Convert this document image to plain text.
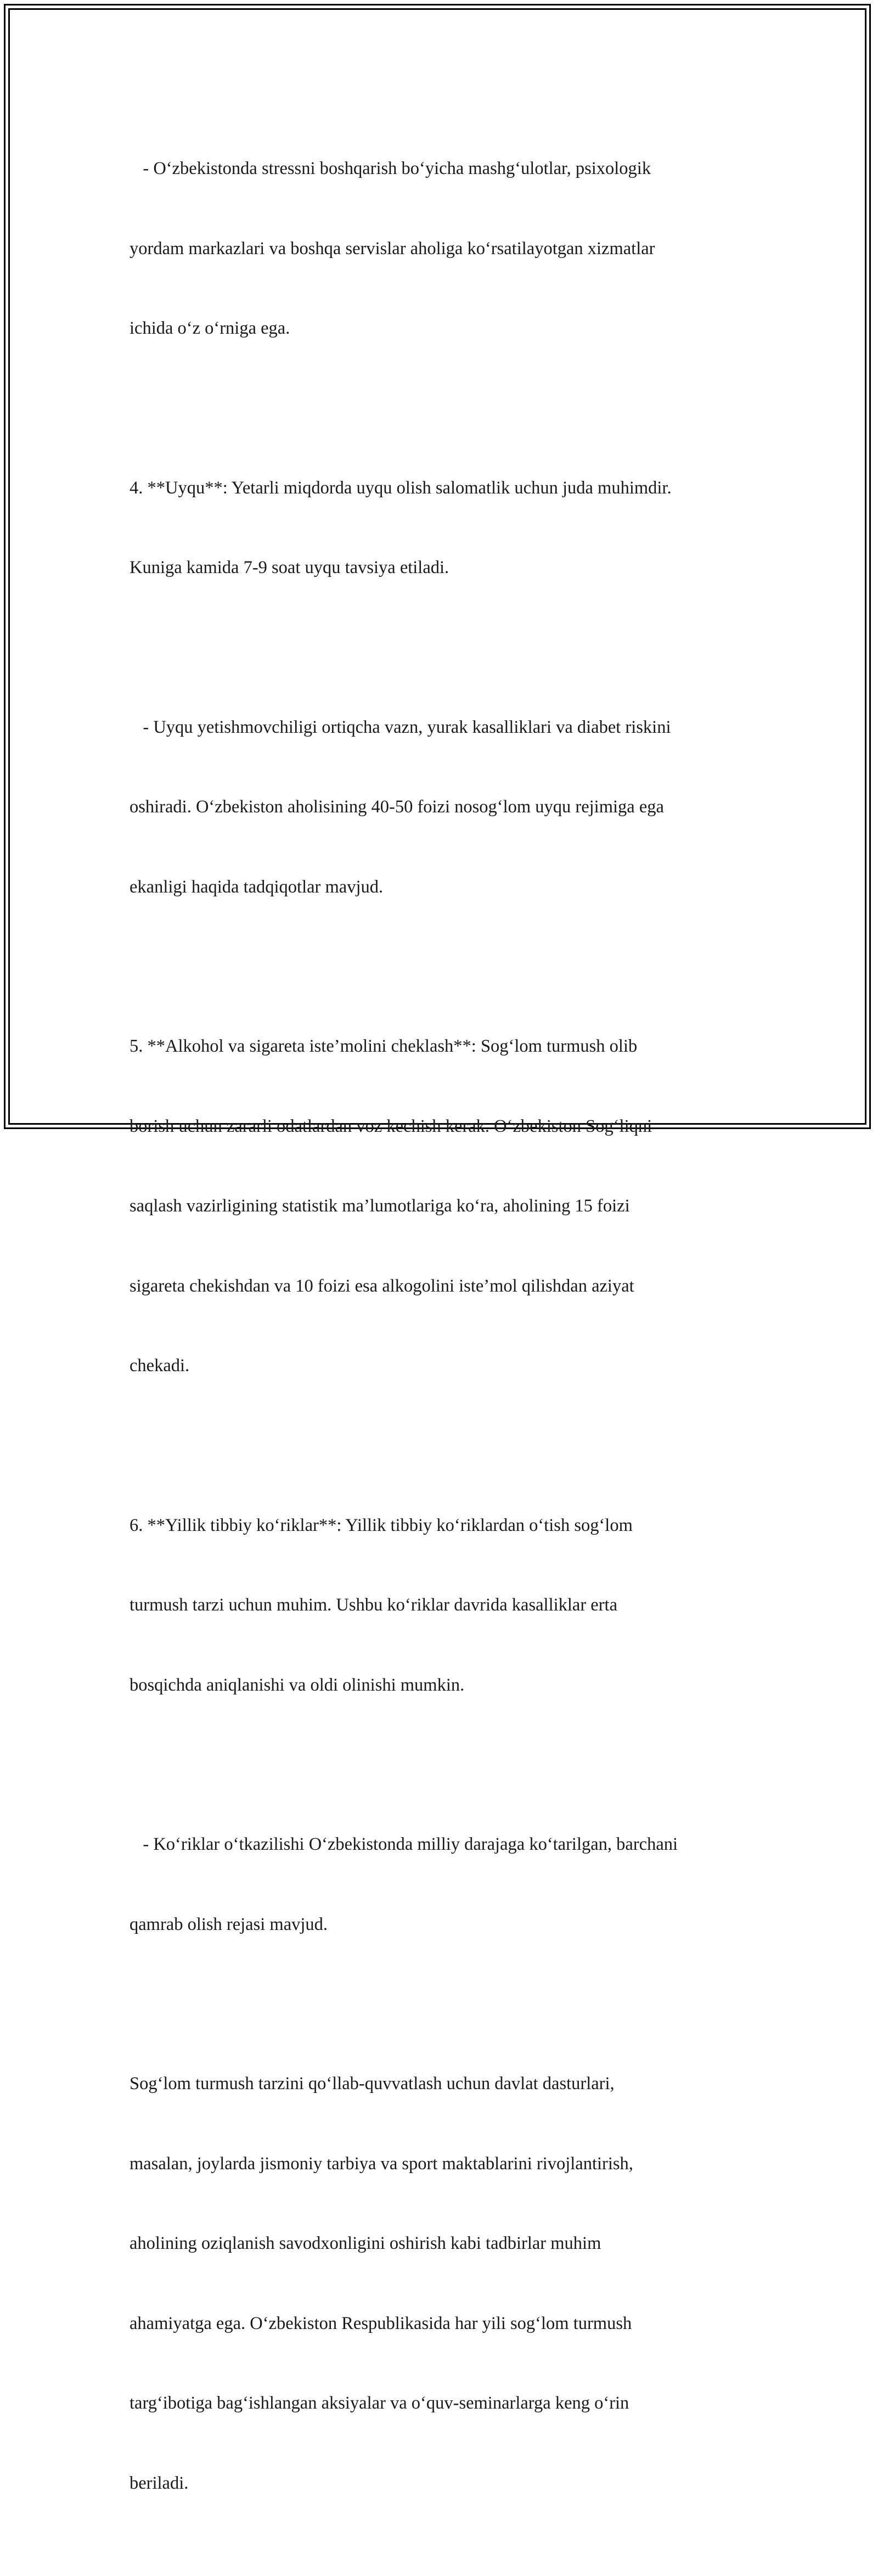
- O‘zbekistonda stressni boshqarish bo‘yicha mashg‘ulotlar, psixologik

yordam markazlari va boshqa servislar aholiga ko‘rsatilayotgan xizmatlar

ichida o‘z o‘rniga ega.

4. **Uyqu**: Yetarli miqdorda uyqu olish salomatlik uchun juda muhimdir.

Kuniga kamida 7-9 soat uyqu tavsiya etiladi.

- Uyqu yetishmovchiligi ortiqcha vazn, yurak kasalliklari va diabet riskini

oshiradi. O‘zbekiston aholisining 40-50 foizi nosog‘lom uyqu rejimiga ega

ekanligi haqida tadqiqotlar mavjud.

5. **Alkohol va sigareta iste’molini cheklash**: Sog‘lom turmush olib

borish uchun zararli odatlardan voz kechish kerak. O‘zbekiston Sog‘liqni

saqlash vazirligining statistik ma’lumotlariga ko‘ra, aholining 15 foizi

sigareta chekishdan va 10 foizi esa alkogolini iste’mol qilishdan aziyat

chekadi.

6. **Yillik tibbiy ko‘riklar**: Yillik tibbiy ko‘riklardan o‘tish sog‘lom

turmush tarzi uchun muhim. Ushbu ko‘riklar davrida kasalliklar erta

bosqichda aniqlanishi va oldi olinishi mumkin.

- Ko‘riklar o‘tkazilishi O‘zbekistonda milliy darajaga ko‘tarilgan, barchani

qamrab olish rejasi mavjud.

Sog‘lom turmush tarzini qo‘llab-quvvatlash uchun davlat dasturlari,

masalan, joylarda jismoniy tarbiya va sport maktablarini rivojlantirish,

aholining oziqlanish savodxonligini oshirish kabi tadbirlar muhim

ahamiyatga ega. O‘zbekiston Respublikasida har yili sog‘lom turmush

targ‘ibotiga bag‘ishlangan aksiyalar va o‘quv-seminarlarga keng o‘rin

beriladi.
